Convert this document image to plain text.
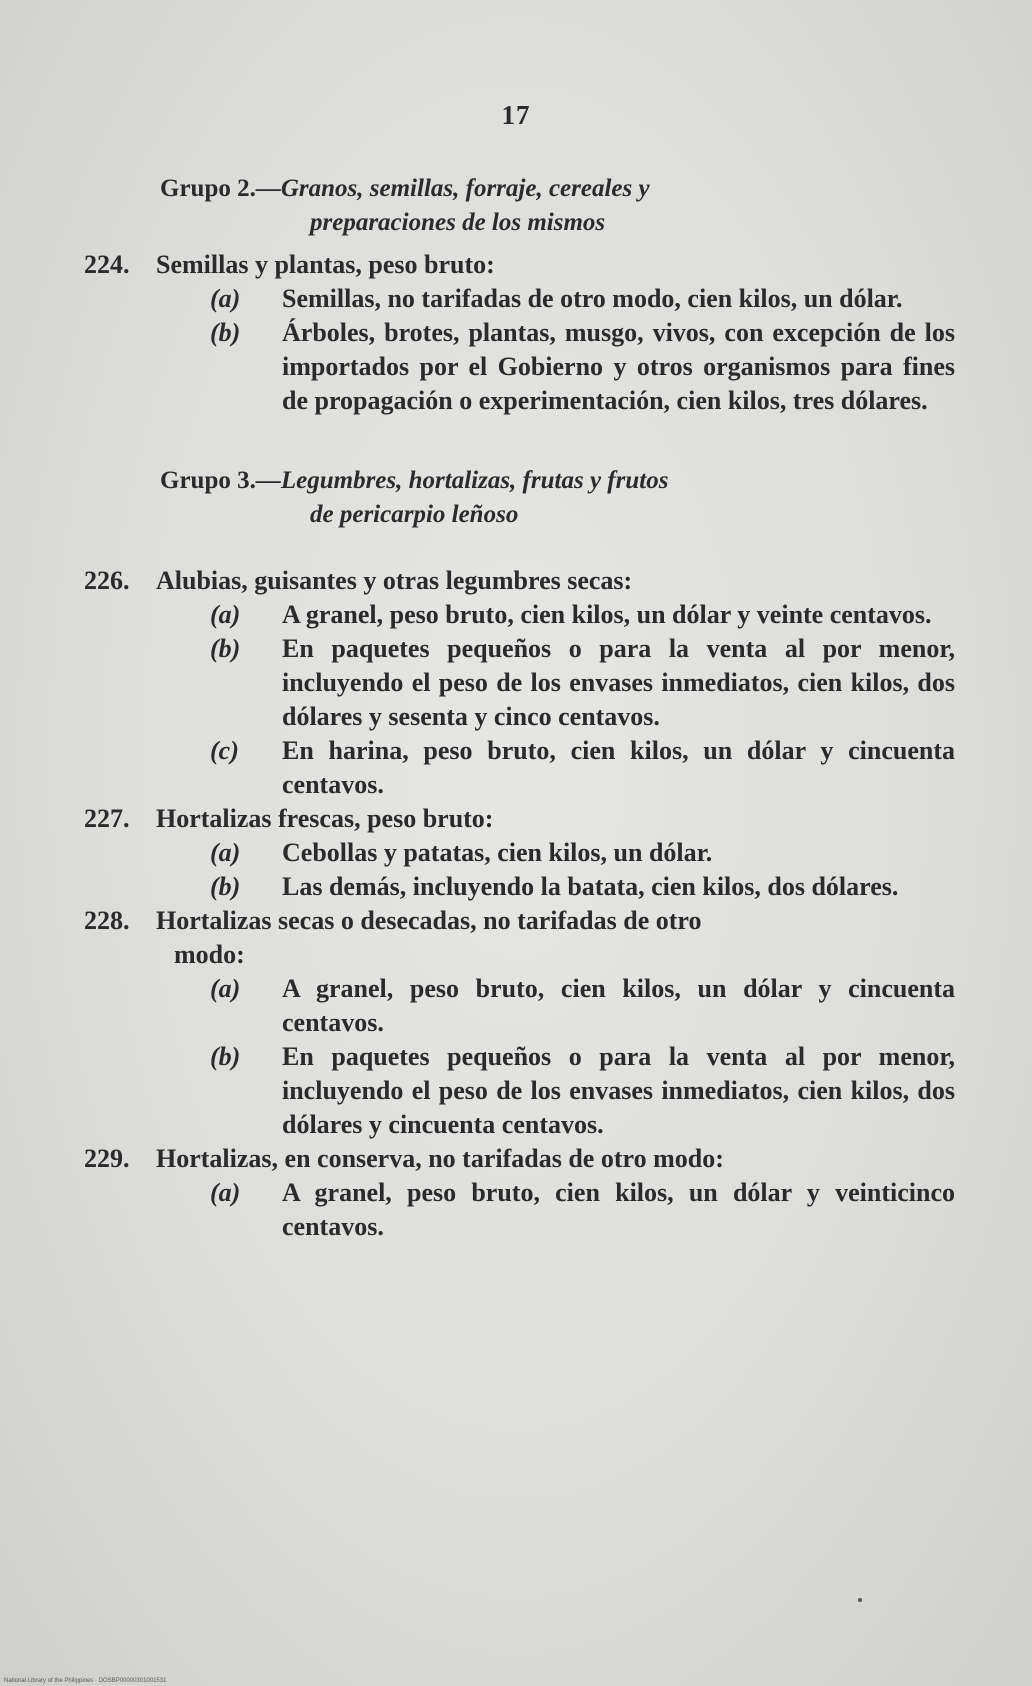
17
Grupo 2.—Granos, semillas, forraje, cereales y
preparaciones de los mismos
224. Semillas y plantas, peso bruto:
(a) Semillas, no tarifadas de otro modo, cien kilos, un dólar.
(b) Árboles, brotes, plantas, musgo, vivos, con excepción de los importados por el Gobierno y otros organismos para fines de propagación o experimentación, cien kilos, tres dólares.
Grupo 3.—Legumbres, hortalizas, frutas y frutos
de pericarpio leñoso
226. Alubias, guisantes y otras legumbres secas:
(a) A granel, peso bruto, cien kilos, un dólar y veinte centavos.
(b) En paquetes pequeños o para la venta al por menor, incluyendo el peso de los envases inmediatos, cien kilos, dos dólares y sesenta y cinco centavos.
(c) En harina, peso bruto, cien kilos, un dólar y cincuenta centavos.
227. Hortalizas frescas, peso bruto:
(a) Cebollas y patatas, cien kilos, un dólar.
(b) Las demás, incluyendo la batata, cien kilos, dos dólares.
228. Hortalizas secas o desecadas, no tarifadas de otro
modo:
(a) A granel, peso bruto, cien kilos, un dólar y cincuenta centavos.
(b) En paquetes pequeños o para la venta al por menor, incluyendo el peso de los envases inmediatos, cien kilos, dos dólares y cincuenta centavos.
229. Hortalizas, en conserva, no tarifadas de otro modo:
(a) A granel, peso bruto, cien kilos, un dólar y veinticinco centavos.
National Library of the Philippines · DOSBP00000301001531
